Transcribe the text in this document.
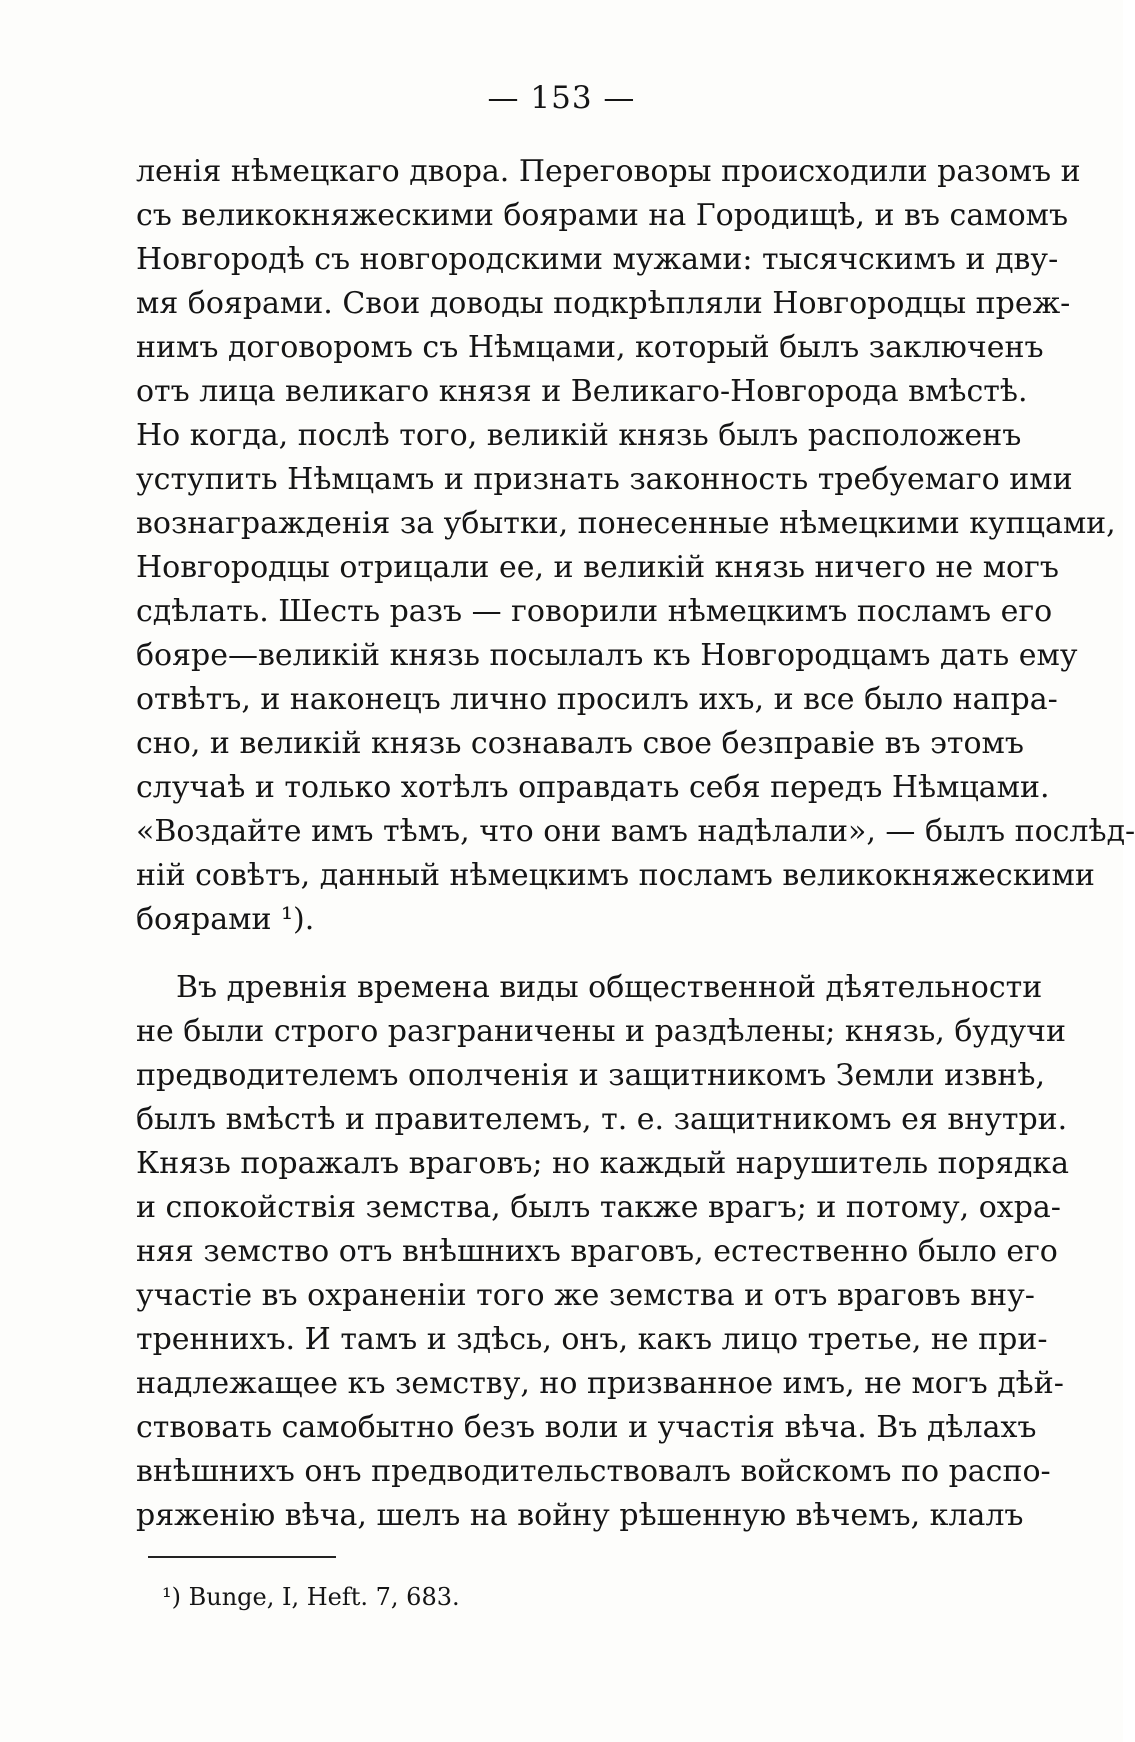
— 153 —
ленія нѣмецкаго двора. Переговоры происходили разомъ и
съ великокняжескими боярами на Городищѣ, и въ самомъ
Новгородѣ съ новгородскими мужами: тысячскимъ и дву-
мя боярами. Свои доводы подкрѣпляли Новгородцы преж-
нимъ договоромъ съ Нѣмцами, который былъ заключенъ
отъ лица великаго князя и Великаго-Новгорода вмѣстѣ.
Но когда, послѣ того, великій князь былъ расположенъ
уступить Нѣмцамъ и признать законность требуемаго ими
вознагражденія за убытки, понесенные нѣмецкими купцами,
Новгородцы отрицали ее, и великій князь ничего не могъ
сдѣлать. Шесть разъ — говорили нѣмецкимъ посламъ его
бояре—великій князь посылалъ къ Новгородцамъ дать ему
отвѣтъ, и наконецъ лично просилъ ихъ, и все было напра-
сно, и великій князь сознавалъ свое безправіе въ этомъ
случаѣ и только хотѣлъ оправдать себя передъ Нѣмцами.
«Воздайте имъ тѣмъ, что они вамъ надѣлали», — былъ послѣд-
ній совѣтъ, данный нѣмецкимъ посламъ великокняжескими
боярами ¹).
Въ древнія времена виды общественной дѣятельности
не были строго разграничены и раздѣлены; князь, будучи
предводителемъ ополченія и защитникомъ Земли извнѣ,
былъ вмѣстѣ и правителемъ, т. е. защитникомъ ея внутри.
Князь поражалъ враговъ; но каждый нарушитель порядка
и спокойствія земства, былъ также врагъ; и потому, охра-
няя земство отъ внѣшнихъ враговъ, естественно было его
участіе въ охраненіи того же земства и отъ враговъ вну-
треннихъ. И тамъ и здѣсь, онъ, какъ лицо третье, не при-
надлежащее къ земству, но призванное имъ, не могъ дѣй-
ствовать самобытно безъ воли и участія вѣча. Въ дѣлахъ
внѣшнихъ онъ предводительствовалъ войскомъ по распо-
ряженію вѣча, шелъ на войну рѣшенную вѣчемъ, клалъ
¹) Bunge, I, Heft. 7, 683.
